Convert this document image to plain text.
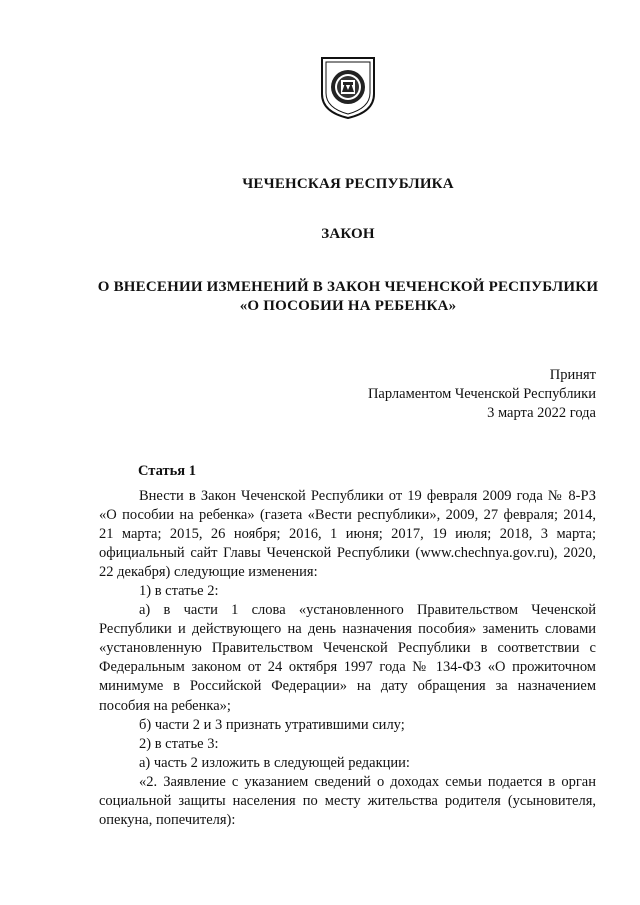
ЧЕЧЕНСКАЯ РЕСПУБЛИКА
ЗАКОН
О ВНЕСЕНИИ ИЗМЕНЕНИЙ В ЗАКОН ЧЕЧЕНСКОЙ РЕСПУБЛИКИ
«О ПОСОБИИ НА РЕБЕНКА»
Принят
Парламентом Чеченской Республики
3 марта 2022 года
Статья 1

Внести в Закон Чеченской Республики от 19 февраля 2009 года № 8-РЗ «О пособии на ребенка» (газета «Вести республики», 2009, 27 февраля; 2014, 21 марта; 2015, 26 ноября; 2016, 1 июня; 2017, 19 июля; 2018, 3 марта; официальный сайт Главы Чеченской Республики (www.chechnya.gov.ru), 2020, 22 декабря) следующие изменения:

1) в статье 2:

а) в части 1 слова «установленного Правительством Чеченской Республики и действующего на день назначения пособия» заменить словами «установленную Правительством Чеченской Республики в соответствии с Федеральным законом от 24 октября 1997 года № 134-ФЗ «О прожиточном минимуме в Российской Федерации» на дату обращения за назначением пособия на ребенка»;

б) части 2 и 3 признать утратившими силу;

2) в статье 3:

а) часть 2 изложить в следующей редакции:

«2. Заявление с указанием сведений о доходах семьи подается в орган социальной защиты населения по месту жительства родителя (усыновителя, опекуна, попечителя):
